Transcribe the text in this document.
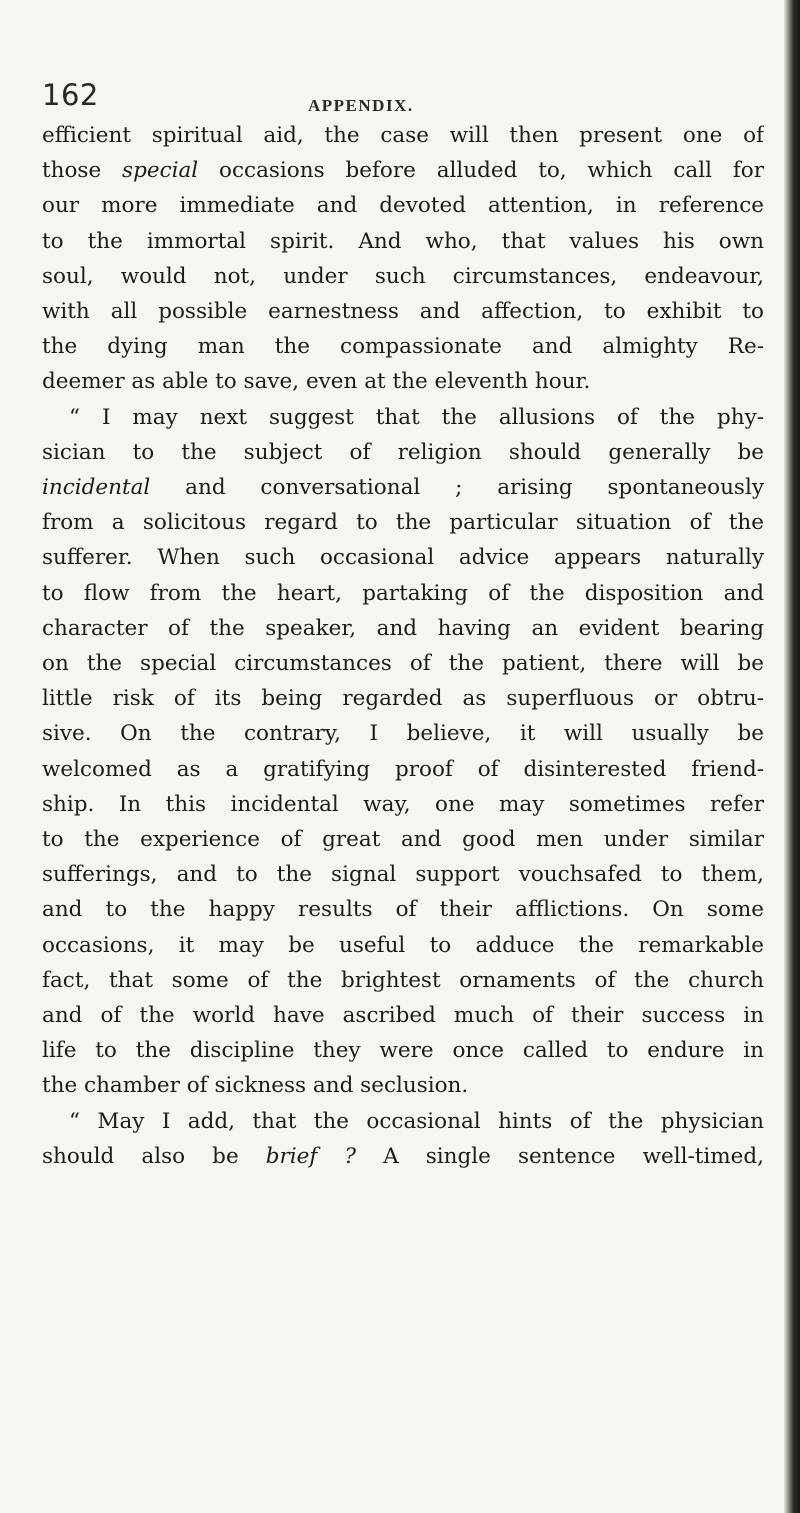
162	APPENDIX.

efficient spiritual aid, the case will then present one of
those special occasions before alluded to, which call for
our more immediate and devoted attention, in reference
to the immortal spirit. And who, that values his own
soul, would not, under such circumstances, endeavour,
with all possible earnestness and affection, to exhibit to
the dying man the compassionate and almighty Re-
deemer as able to save, even at the eleventh hour.

“ I may next suggest that the allusions of the phy-
sician to the subject of religion should generally be
incidental and conversational ; arising spontaneously
from a solicitous regard to the particular situation of the
sufferer. When such occasional advice appears naturally
to flow from the heart, partaking of the disposition and
character of the speaker, and having an evident bearing
on the special circumstances of the patient, there will be
little risk of its being regarded as superfluous or obtru-
sive. On the contrary, I believe, it will usually be
welcomed as a gratifying proof of disinterested friend-
ship. In this incidental way, one may sometimes refer
to the experience of great and good men under similar
sufferings, and to the signal support vouchsafed to them,
and to the happy results of their afflictions. On some
occasions, it may be useful to adduce the remarkable
fact, that some of the brightest ornaments of the church
and of the world have ascribed much of their success in
life to the discipline they were once called to endure in
the chamber of sickness and seclusion.

“ May I add, that the occasional hints of the physician
should also be brief ? A single sentence well-timed,
